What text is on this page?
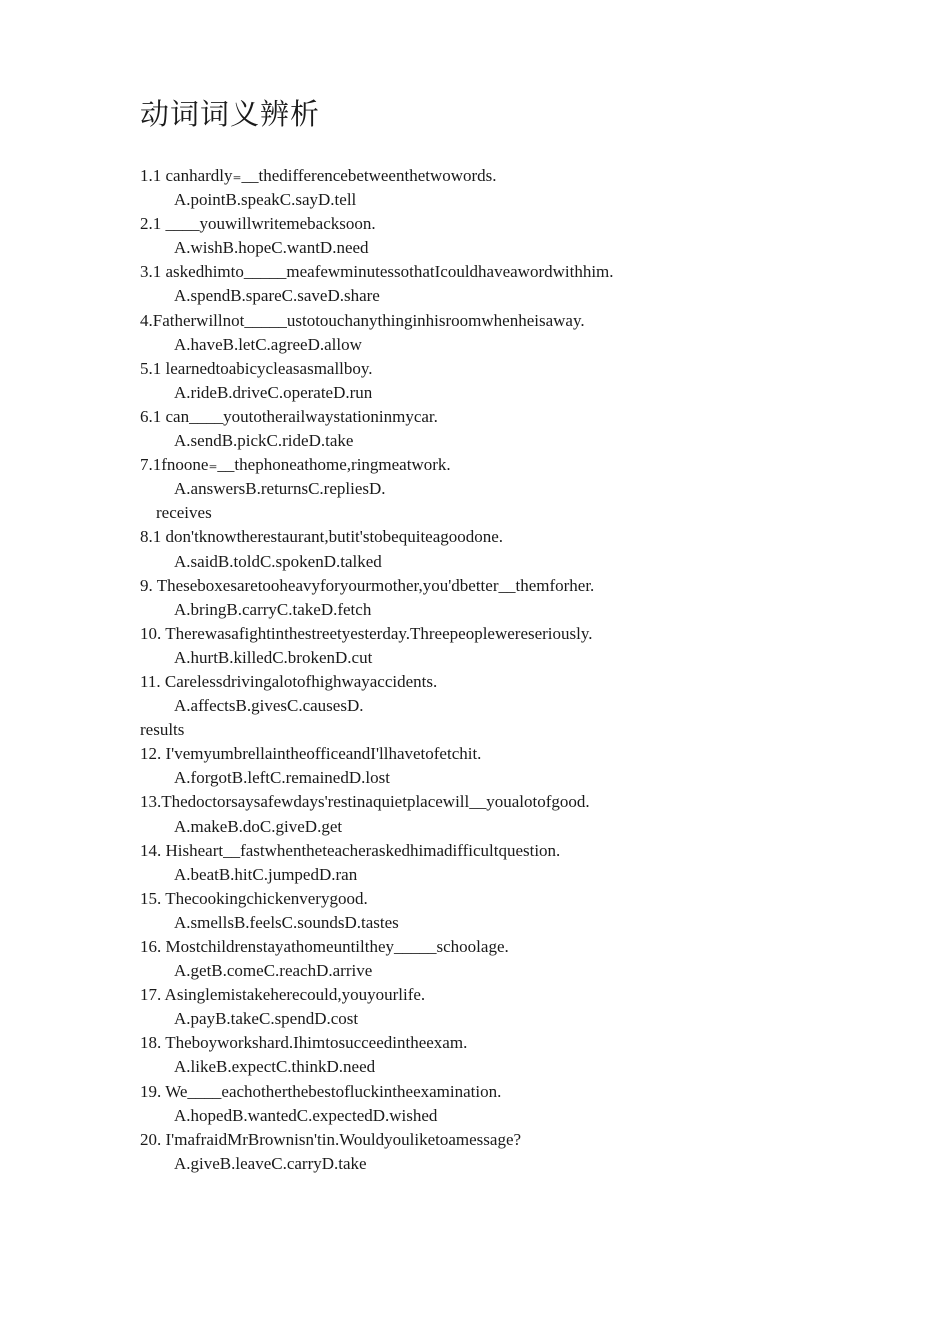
动词词义辨析
1.1 canhardly₌__thedifferencebetweenthetwowords.
A.pointB.speakC.sayD.tell
2.1 ____youwillwritemebacksoon.
A.wishB.hopeC.wantD.need
3.1 askedhimto_____meafewminutessothatIcouldhaveawordwithhim.
A.spendB.spareC.saveD.share
4.Fatherwillnot_____ustotouchanythinginhisroomwhenheisaway.
A.haveB.letC.agreeD.allow
5.1 learnedtoabicycleasasmallboy.
A.rideB.driveC.operateD.run
6.1 can____youtotherailwaystationinmycar.
A.sendB.pickC.rideD.take
7.1fnoone₌__thephoneathome,ringmeatwork.
A.answersB.returnsC.repliesD.
receives
8.1 don'tknowtherestaurant,butit'stobequiteagoodone.
A.saidB.toldC.spokenD.talked
9. Theseboxesaretooheavyforyourmother,you'dbetter__themforher.
A.bringB.carryC.takeD.fetch
10. Therewasafightinthestreetyesterday.Threepeoplewereseriously.
A.hurtB.killedC.brokenD.cut
11. Carelessdrivingalotofhighwayaccidents.
A.affectsB.givesC.causesD.
results
12. I'vemyumbrellaintheofficeandI'llhavetofetchit.
A.forgotB.leftC.remainedD.lost
13.Thedoctorsaysafewdays'restinaquietplacewill__youalotofgood.
A.makeB.doC.giveD.get
14. Hisheart__fastwhentheteacheraskedhimadifficultquestion.
A.beatB.hitC.jumpedD.ran
15. Thecookingchickenverygood.
A.smellsB.feelsC.soundsD.tastes
16. Mostchildrenstayathomeuntilthey_____schoolage.
A.getB.comeC.reachD.arrive
17. Asinglemistakeherecould,youyourlife.
A.payB.takeC.spendD.cost
18. Theboyworkshard.Ihimtosucceedintheexam.
A.likeB.expectC.thinkD.need
19. We____eachotherthebestofluckintheexamination.
A.hopedB.wantedC.expectedD.wished
20. I'mafraidMrBrownisn'tin.Wouldyouliketoamessage?
A.giveB.leaveC.carryD.take
